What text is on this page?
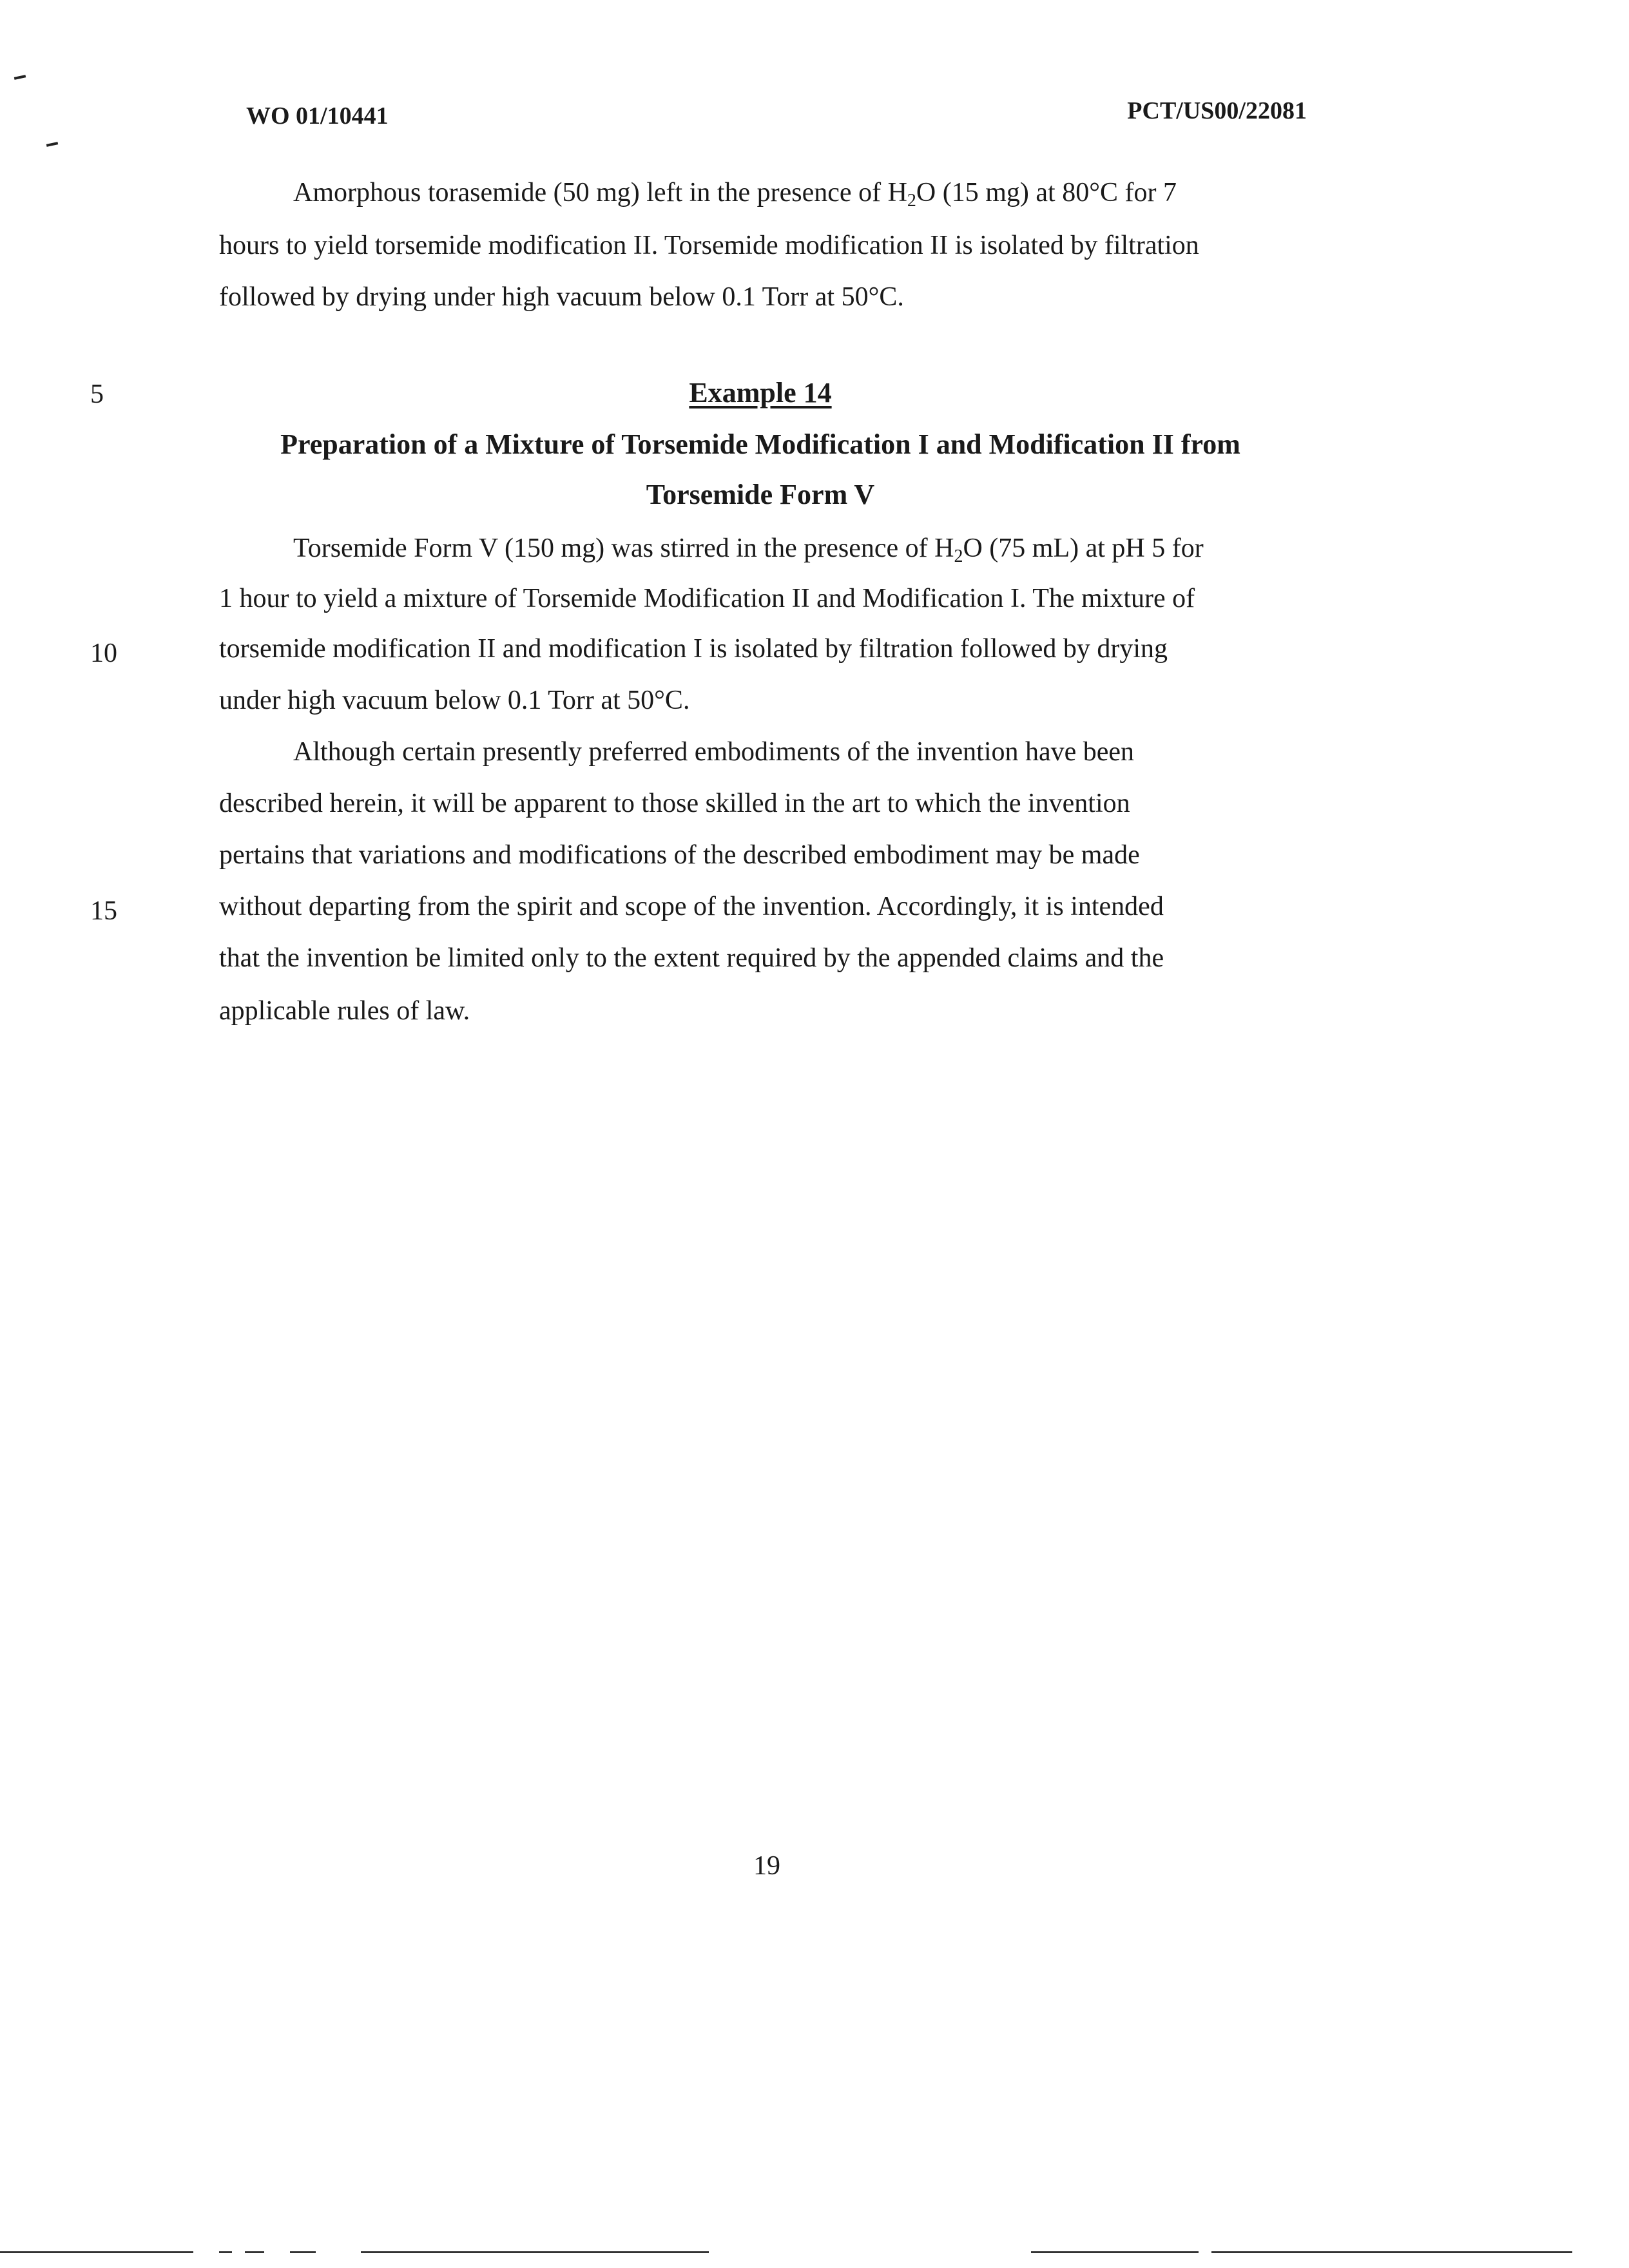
WO 01/10441	PCT/US00/22081
Amorphous torasemide (50 mg) left in the presence of $H_2O$ (15 mg) at 80°C for 7
hours to yield torsemide modification II. Torsemide modification II is isolated by filtration
followed by drying under high vacuum below 0.1 Torr at 50°C.
5	Example 14
Preparation of a Mixture of Torsemide Modification I and Modification II from
Torsemide Form V
Torsemide Form V (150 mg) was stirred in the presence of $H_2O$ (75 mL) at pH 5 for
1 hour to yield a mixture of Torsemide Modification II and Modification I. The mixture of
10	torsemide modification II and modification I is isolated by filtration followed by drying
under high vacuum below 0.1 Torr at 50°C.
Although certain presently preferred embodiments of the invention have been
described herein, it will be apparent to those skilled in the art to which the invention
pertains that variations and modifications of the described embodiment may be made
15	without departing from the spirit and scope of the invention. Accordingly, it is intended
that the invention be limited only to the extent required by the appended claims and the
applicable rules of law.
19
